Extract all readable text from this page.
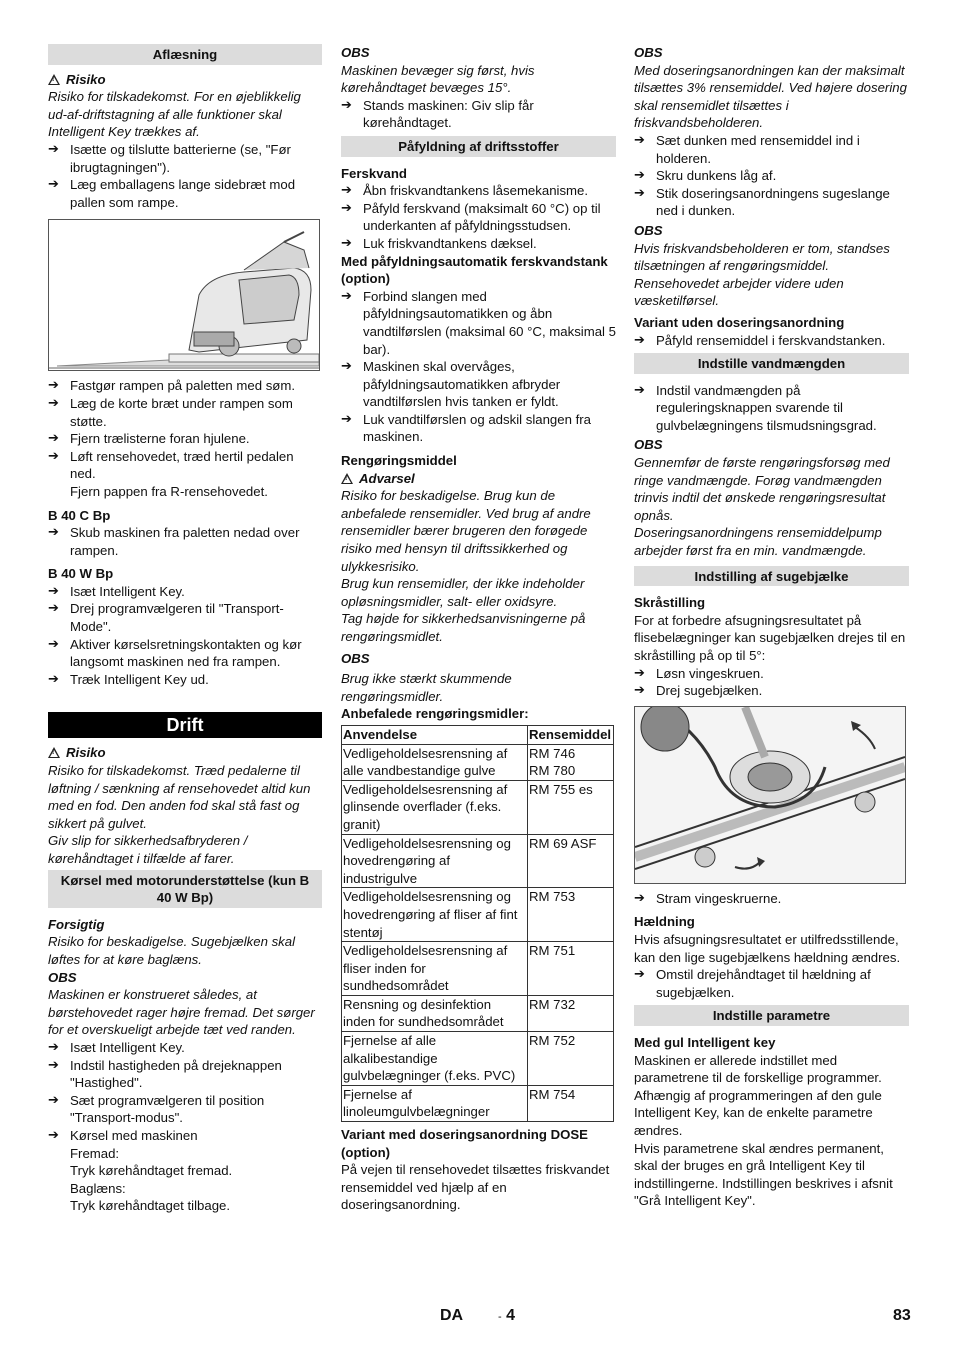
Aflæsning

!Risiko

Risiko for tilskadekomst. For en øjeblikkelig ud-af-driftstagning af alle funktioner skal Intelligent Key trækkes af.

➔ Isætte og tilslutte batterierne (se, "Før ibrugtagningen").
➔ Læg emballagens lange sidebræt mod pallen som rampe.
➔ Fastgør rampen på paletten med søm.
➔ Læg de korte bræt under rampen som støtte.
➔ Fjern trælisterne foran hjulene.
➔ Løft rensehovedet, træd hertil pedalen ned.

Fjern pappen fra R-rensehovedet.

B 40 C Bp

➔ Skub maskinen fra paletten nedad over rampen.

B 40 W Bp

➔ Isæt Intelligent Key.
➔ Drej programvælgeren til "Transport-Mode".
➔ Aktiver kørselsretningskontakten og kør langsomt maskinen ned fra rampen.
➔ Træk Intelligent Key ud.
Drift

!Risiko

Risiko for tilskadekomst. Træd pedalerne til løftning / sænkning af rensehovedet altid kun med en fod. Den anden fod skal stå fast og sikkert på gulvet.
Giv slip for sikkerhedsafbryderen / kørehåndtaget i tilfælde af farer.

Kørsel med motorunderstøttelse (kun B 40 W Bp)

Forsigtig

Risiko for beskadigelse. Sugebjælken skal løftes for at køre baglæns.

OBS

Maskinen er konstrueret således, at børstehovedet rager højre fremad. Det sørger for et overskueligt arbejde tæt ved randen.

➔ Isæt Intelligent Key.
➔ Indstil hastigheden på drejeknappen "Hastighed".
➔ Sæt programvælgeren til position "Transport-modus".
➔ Kørsel med maskinen

Fremad:

Tryk kørehåndtaget fremad.

Baglæns:

Tryk kørehåndtaget tilbage.

OBS

Maskinen bevæger sig først, hvis kørehåndtaget bevæges 15°.

➔ Stands maskinen: Giv slip får kørehåndtaget.
Påfyldning af driftsstoffer

Ferskvand

➔ Åbn friskvandtankens låsemekanisme.
➔ Påfyld ferskvand (maksimalt 60 °C) op til underkanten af påfyldningsstudsen.
➔ Luk friskvandtankens dæksel.

Med påfyldningsautomatik ferskvandstank (option)

➔ Forbind slangen med påfyldningsautomatikken og åbn vandtilførslen (maksimal 60 °C, maksimal 5 bar).
➔ Maskinen skal overvåges, påfyldningsautomatikken afbryder vandtilførslen hvis tanken er fyldt.
➔ Luk vandtilførslen og adskil slangen fra maskinen.

Rengøringsmiddel

!Advarsel

Risiko for beskadigelse. Brug kun de anbefalede rensemidler. Ved brug af andre rensemidler bærer brugeren den forøgede risiko med hensyn til driftssikkerhed og ulykkesrisiko.
Brug kun rensemidler, der ikke indeholder opløsningsmidler, salt- eller oxidsyre.
Tag højde for sikkerhedsanvisningerne på rengøringsmidlet.

OBS

Brug ikke stærkt skummende rengøringsmidler.

Anbefalede rengøringsmidler:

Anvendelse	Rensemiddel
Vedligeholdelsesrensning af alle vandbestandige gulve	RM 746
RM 780
Vedligeholdelsesrensning af glinsende overflader (f.eks. granit)	RM 755 es
Vedligeholdelsesrensning og hovedrengøring af industrigulve	RM 69 ASF
Vedligeholdelsesrensning og hovedrengøring af fliser af fint stentøj	RM 753
Vedligeholdelsesrensning af fliser inden for sundhedsområdet	RM 751
Rensning og desinfektion inden for sundhedsområdet	RM 732
Fjernelse af alle alkalibestandige gulvbelægninger (f.eks. PVC)	RM 752
Fjernelse af linoleumgulvbelægninger	RM 754

Variant med doseringsanordning DOSE (option)

På vejen til rensehovedet tilsættes friskvandet rensemiddel ved hjælp af en doseringsanordning.

OBS

Med doseringsanordningen kan der maksimalt tilsættes 3% rensemiddel. Ved højere dosering skal rensemidlet tilsættes i friskvandsbeholderen.

➔ Sæt dunken med rensemiddel ind i holderen.
➔ Skru dunkens låg af.
➔ Stik doseringsanordningens sugeslange ned i dunken.

OBS

Hvis friskvandsbeholderen er tom, standses tilsætningen af rengøringsmiddel. Rensehovedet arbejder videre uden væsketilførsel.

Variant uden doseringsanordning

➔ Påfyld rensemiddel i ferskvandstanken.
Indstille vandmængden
➔ Indstil vandmængden på reguleringsknappen svarende til gulvbelægningens tilsmudsningsgrad.

OBS

Gennemfør de første rengøringsforsøg med ringe vandmængde. Forøg vandmængden trinvis indtil det ønskede rengøringsresultat opnås.
Doseringsanordningens rensemiddelpump arbejder først fra en min. vandmængde.

Indstilling af sugebjælke

Skråstilling

For at forbedre afsugningsresultatet på flisebelægninger kan sugebjælken drejes til en skråstilling på op til 5°:

➔ Løsn vingeskruen.
➔ Drej sugebjælken.
➔ Stram vingeskruerne.

Hældning

Hvis afsugningsresultatet er utilfredsstillende, kan den lige sugebjælkens hældning ændres.

➔ Omstil drejehåndtaget til hældning af sugebjælken.
Indstille parametre

Med gul Intelligent key

Maskinen er allerede indstillet med parametrene til de forskellige programmer.
Afhængig af programmeringen af den gule Intelligent Key, kan de enkelte parametre ændres.
Hvis parametrene skal ændres permanent, skal der bruges en grå Intelligent Key til indstillingerne. Indstillingen beskrives i afsnit "Grå Intelligent Key".

DA	- 4	83
